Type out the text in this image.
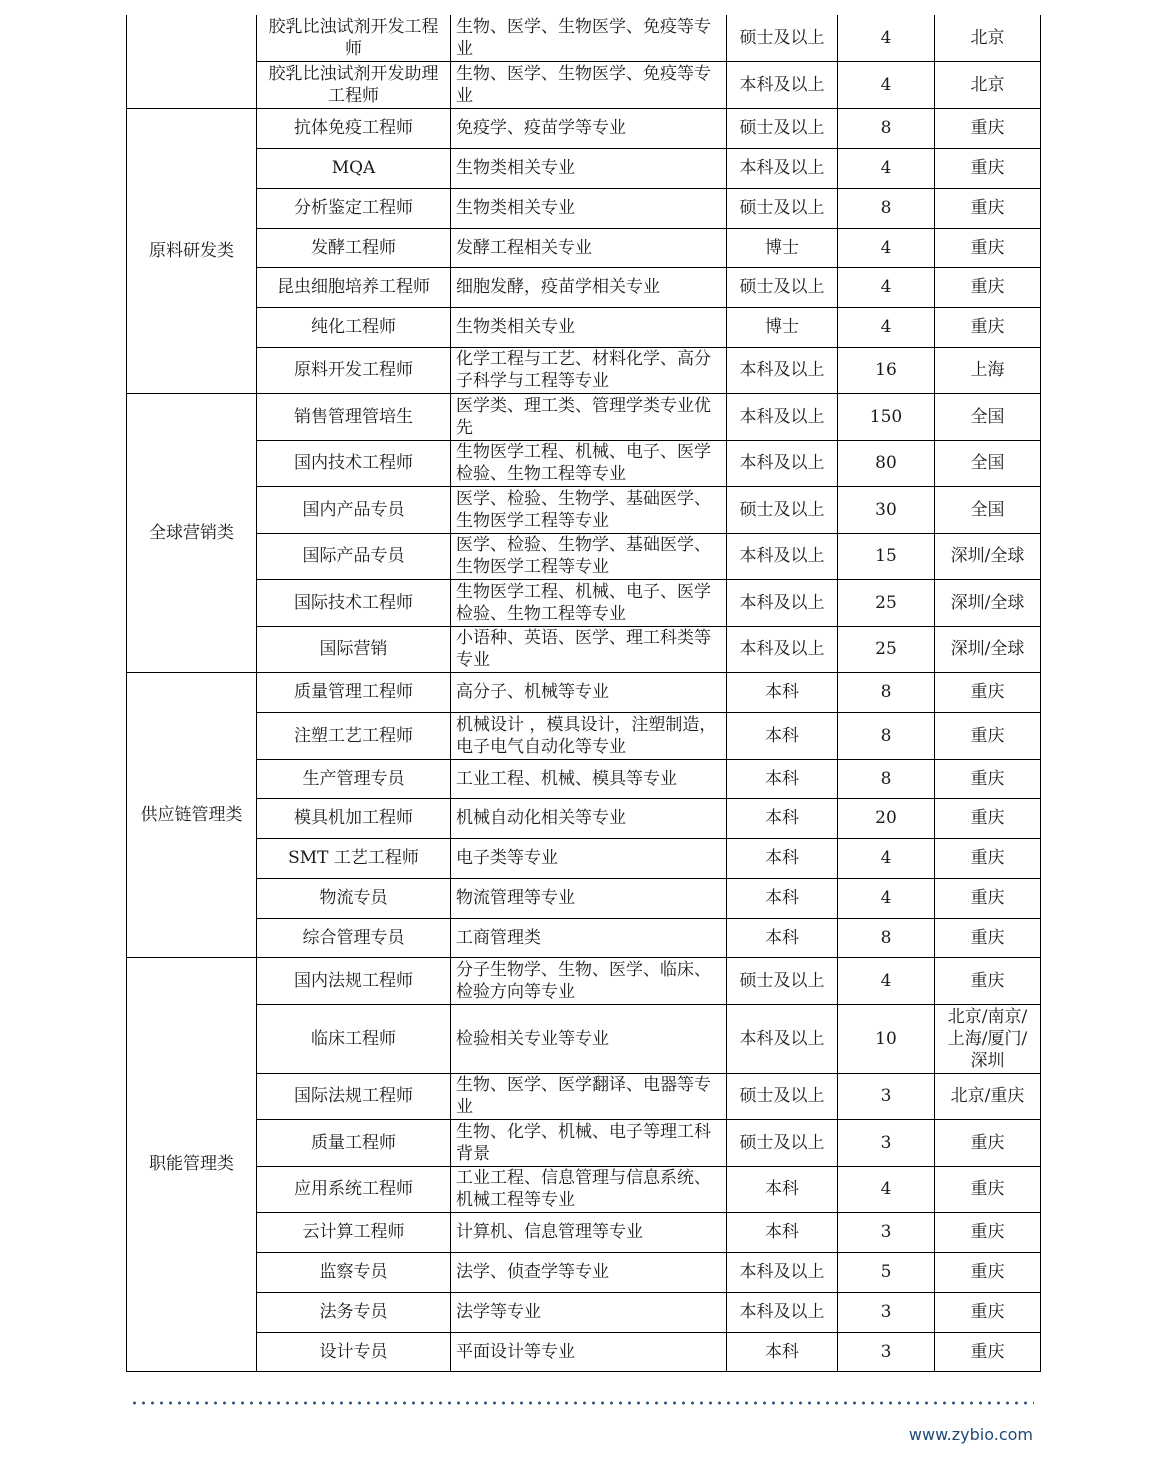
	胶乳比浊试剂开发工程师	生物、医学、生物医学、免疫等专业	硕士及以上	4	北京
	胶乳比浊试剂开发助理工程师	生物、医学、生物医学、免疫等专业	本科及以上	4	北京
原料研发类	抗体免疫工程师	免疫学、疫苗学等专业	硕士及以上	8	重庆
	MQA	生物类相关专业	本科及以上	4	重庆
	分析鉴定工程师	生物类相关专业	硕士及以上	8	重庆
	发酵工程师	发酵工程相关专业	博士	4	重庆
	昆虫细胞培养工程师	细胞发酵，疫苗学相关专业	硕士及以上	4	重庆
	纯化工程师	生物类相关专业	博士	4	重庆
	原料开发工程师	化学工程与工艺、材料化学、高分子科学与工程等专业	本科及以上	16	上海
全球营销类	销售管理管培生	医学类、理工类、管理学类专业优先	本科及以上	150	全国
	国内技术工程师	生物医学工程、机械、电子、医学检验、生物工程等专业	本科及以上	80	全国
	国内产品专员	医学、检验、生物学、基础医学、生物医学工程等专业	硕士及以上	30	全国
	国际产品专员	医学、检验、生物学、基础医学、生物医学工程等专业	本科及以上	15	深圳/全球
	国际技术工程师	生物医学工程、机械、电子、医学检验、生物工程等专业	本科及以上	25	深圳/全球
	国际营销	小语种、英语、医学、理工科类等专业	本科及以上	25	深圳/全球
供应链管理类	质量管理工程师	高分子、机械等专业	本科	8	重庆
	注塑工艺工程师	机械设计 ，模具设计，注塑制造，电子电气自动化等专业	本科	8	重庆
	生产管理专员	工业工程、机械、模具等专业	本科	8	重庆
	模具机加工程师	机械自动化相关等专业	本科	20	重庆
	SMT 工艺工程师	电子类等专业	本科	4	重庆
	物流专员	物流管理等专业	本科	4	重庆
	综合管理专员	工商管理类	本科	8	重庆
职能管理类	国内法规工程师	分子生物学、生物、医学、临床、检验方向等专业	硕士及以上	4	重庆
	临床工程师	检验相关专业等专业	本科及以上	10	北京/南京/上海/厦门/深圳
	国际法规工程师	生物、医学、医学翻译、电器等专业	硕士及以上	3	北京/重庆
	质量工程师	生物、化学、机械、电子等理工科背景	硕士及以上	3	重庆
	应用系统工程师	工业工程、信息管理与信息系统、机械工程等专业	本科	4	重庆
	云计算工程师	计算机、信息管理等专业	本科	3	重庆
	监察专员	法学、侦查学等专业	本科及以上	5	重庆
	法务专员	法学等专业	本科及以上	3	重庆
	设计专员	平面设计等专业	本科	3	重庆
www.zybio.com
